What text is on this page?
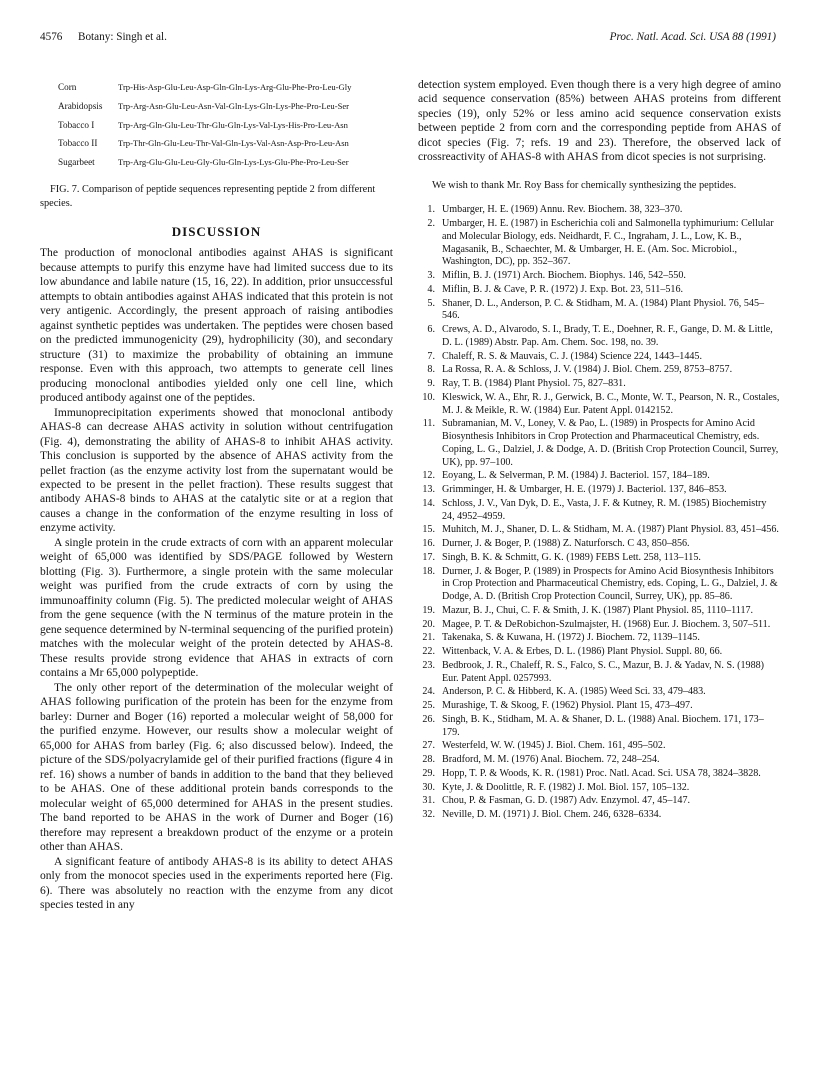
4576 Botany: Singh et al.	Proc. Natl. Acad. Sci. USA 88 (1991)
Corn	Trp-His-Asp-Glu-Leu-Asp-Gln-Gln-Lys-Arg-Glu-Phe-Pro-Leu-Gly
Arabidopsis	Trp-Arg-Asn-Glu-Leu-Asn-Val-Gln-Lys-Gln-Lys-Phe-Pro-Leu-Ser
Tobacco I	Trp-Arg-Gln-Glu-Leu-Thr-Glu-Gln-Lys-Val-Lys-His-Pro-Leu-Asn
Tobacco II	Trp-Thr-Gln-Glu-Leu-Thr-Val-Gln-Lys-Val-Asn-Asp-Pro-Leu-Asn
Sugarbeet	Trp-Arg-Glu-Glu-Leu-Gly-Glu-Gln-Lys-Lys-Glu-Phe-Pro-Leu-Ser
FIG. 7. Comparison of peptide sequences representing peptide 2 from different species.
DISCUSSION

The production of monoclonal antibodies against AHAS is significant because attempts to purify this enzyme have had limited success due to its low abundance and labile nature (15, 16, 22). In addition, prior unsuccessful attempts to obtain antibodies against AHAS indicated that this protein is not very antigenic. Accordingly, the present approach of raising antibodies against synthetic peptides was undertaken. The peptides were chosen based on the predicted immunogenicity (29), hydrophilicity (30), and secondary structure (31) to maximize the probability of obtaining an immune response. Even with this approach, two attempts to generate cell lines producing monoclonal antibodies yielded only one cell line, which produced antibody against one of the peptides.

Immunoprecipitation experiments showed that monoclonal antibody AHAS-8 can decrease AHAS activity in solution without centrifugation (Fig. 4), demonstrating the ability of AHAS-8 to inhibit AHAS activity. This conclusion is supported by the absence of AHAS activity from the pellet fraction (as the enzyme activity lost from the supernatant would be expected to be present in the pellet fraction). These results suggest that antibody AHAS-8 binds to AHAS at the catalytic site or at a region that causes a change in the conformation of the enzyme resulting in loss of enzyme activity.

A single protein in the crude extracts of corn with an apparent molecular weight of 65,000 was identified by SDS/PAGE followed by Western blotting (Fig. 3). Furthermore, a single protein with the same molecular weight was purified from the crude extracts of corn by using the immunoaffinity column (Fig. 5). The predicted molecular weight of AHAS from the gene sequence (with the N terminus of the mature protein in the gene sequence determined by N-terminal sequencing of the purified protein) matches with the molecular weight of the protein detected by AHAS-8. These results provide strong evidence that AHAS in extracts of corn contains a Mr 65,000 polypeptide.

The only other report of the determination of the molecular weight of AHAS following purification of the protein has been for the enzyme from barley: Durner and Boger (16) reported a molecular weight of 58,000 for the purified enzyme. However, our results show a molecular weight of 65,000 for AHAS from barley (Fig. 6; also discussed below). Indeed, the picture of the SDS/polyacrylamide gel of their purified fractions (figure 4 in ref. 16) shows a number of bands in addition to the band that they believed to be AHAS. One of these additional protein bands corresponds to the molecular weight of 65,000 determined for AHAS in the present studies. The band reported to be AHAS in the work of Durner and Boger (16) therefore may represent a breakdown product of the enzyme or a protein other than AHAS.

A significant feature of antibody AHAS-8 is its ability to detect AHAS only from the monocot species used in the experiments reported here (Fig. 6). There was absolutely no reaction with the enzyme from any dicot species tested in any

detection system employed. Even though there is a very high degree of amino acid sequence conservation (85%) between AHAS proteins from different species (19), only 52% or less amino acid sequence conservation exists between peptide 2 from corn and the corresponding peptide from AHAS of dicot species (Fig. 7; refs. 19 and 23). Therefore, the observed lack of crossreactivity of AHAS-8 with AHAS from dicot species is not surprising.

We wish to thank Mr. Roy Bass for chemically synthesizing the peptides.

1. Umbarger, H. E. (1969) Annu. Rev. Biochem. 38, 323–370.
2. Umbarger, H. E. (1987) in Escherichia coli and Salmonella typhimurium: Cellular and Molecular Biology, eds. Neidhardt, F. C., Ingraham, J. L., Low, K. B., Magasanik, B., Schaechter, M. & Umbarger, H. E. (Am. Soc. Microbiol., Washington, DC), pp. 352–367.
3. Miflin, B. J. (1971) Arch. Biochem. Biophys. 146, 542–550.
4. Miflin, B. J. & Cave, P. R. (1972) J. Exp. Bot. 23, 511–516.
5. Shaner, D. L., Anderson, P. C. & Stidham, M. A. (1984) Plant Physiol. 76, 545–546.
6. Crews, A. D., Alvarodo, S. I., Brady, T. E., Doehner, R. F., Gange, D. M. & Little, D. L. (1989) Abstr. Pap. Am. Chem. Soc. 198, no. 39.
7. Chaleff, R. S. & Mauvais, C. J. (1984) Science 224, 1443–1445.
8. La Rossa, R. A. & Schloss, J. V. (1984) J. Biol. Chem. 259, 8753–8757.
9. Ray, T. B. (1984) Plant Physiol. 75, 827–831.
10. Kleswick, W. A., Ehr, R. J., Gerwick, B. C., Monte, W. T., Pearson, N. R., Costales, M. J. & Meikle, R. W. (1984) Eur. Patent Appl. 0142152.
11. Subramanian, M. V., Loney, V. & Pao, L. (1989) in Prospects for Amino Acid Biosynthesis Inhibitors in Crop Protection and Pharmaceutical Chemistry, eds. Coping, L. G., Dalziel, J. & Dodge, A. D. (British Crop Protection Council, Surrey, UK), pp. 97–100.
12. Eoyang, L. & Selverman, P. M. (1984) J. Bacteriol. 157, 184–189.
13. Grimminger, H. & Umbarger, H. E. (1979) J. Bacteriol. 137, 846–853.
14. Schloss, J. V., Van Dyk, D. E., Vasta, J. F. & Kutney, R. M. (1985) Biochemistry 24, 4952–4959.
15. Muhitch, M. J., Shaner, D. L. & Stidham, M. A. (1987) Plant Physiol. 83, 451–456.
16. Durner, J. & Boger, P. (1988) Z. Naturforsch. C 43, 850–856.
17. Singh, B. K. & Schmitt, G. K. (1989) FEBS Lett. 258, 113–115.
18. Durner, J. & Boger, P. (1989) in Prospects for Amino Acid Biosynthesis Inhibitors in Crop Protection and Pharmaceutical Chemistry, eds. Coping, L. G., Dalziel, J. & Dodge, A. D. (British Crop Protection Council, Surrey, UK), pp. 85–86.
19. Mazur, B. J., Chui, C. F. & Smith, J. K. (1987) Plant Physiol. 85, 1110–1117.
20. Magee, P. T. & DeRobichon-Szulmajster, H. (1968) Eur. J. Biochem. 3, 507–511.
21. Takenaka, S. & Kuwana, H. (1972) J. Biochem. 72, 1139–1145.
22. Wittenback, V. A. & Erbes, D. L. (1986) Plant Physiol. Suppl. 80, 66.
23. Bedbrook, J. R., Chaleff, R. S., Falco, S. C., Mazur, B. J. & Yadav, N. S. (1988) Eur. Patent Appl. 0257993.
24. Anderson, P. C. & Hibberd, K. A. (1985) Weed Sci. 33, 479–483.
25. Murashige, T. & Skoog, F. (1962) Physiol. Plant 15, 473–497.
26. Singh, B. K., Stidham, M. A. & Shaner, D. L. (1988) Anal. Biochem. 171, 173–179.
27. Westerfeld, W. W. (1945) J. Biol. Chem. 161, 495–502.
28. Bradford, M. M. (1976) Anal. Biochem. 72, 248–254.
29. Hopp, T. P. & Woods, K. R. (1981) Proc. Natl. Acad. Sci. USA 78, 3824–3828.
30. Kyte, J. & Doolittle, R. F. (1982) J. Mol. Biol. 157, 105–132.
31. Chou, P. & Fasman, G. D. (1987) Adv. Enzymol. 47, 45–147.
32. Neville, D. M. (1971) J. Biol. Chem. 246, 6328–6334.
